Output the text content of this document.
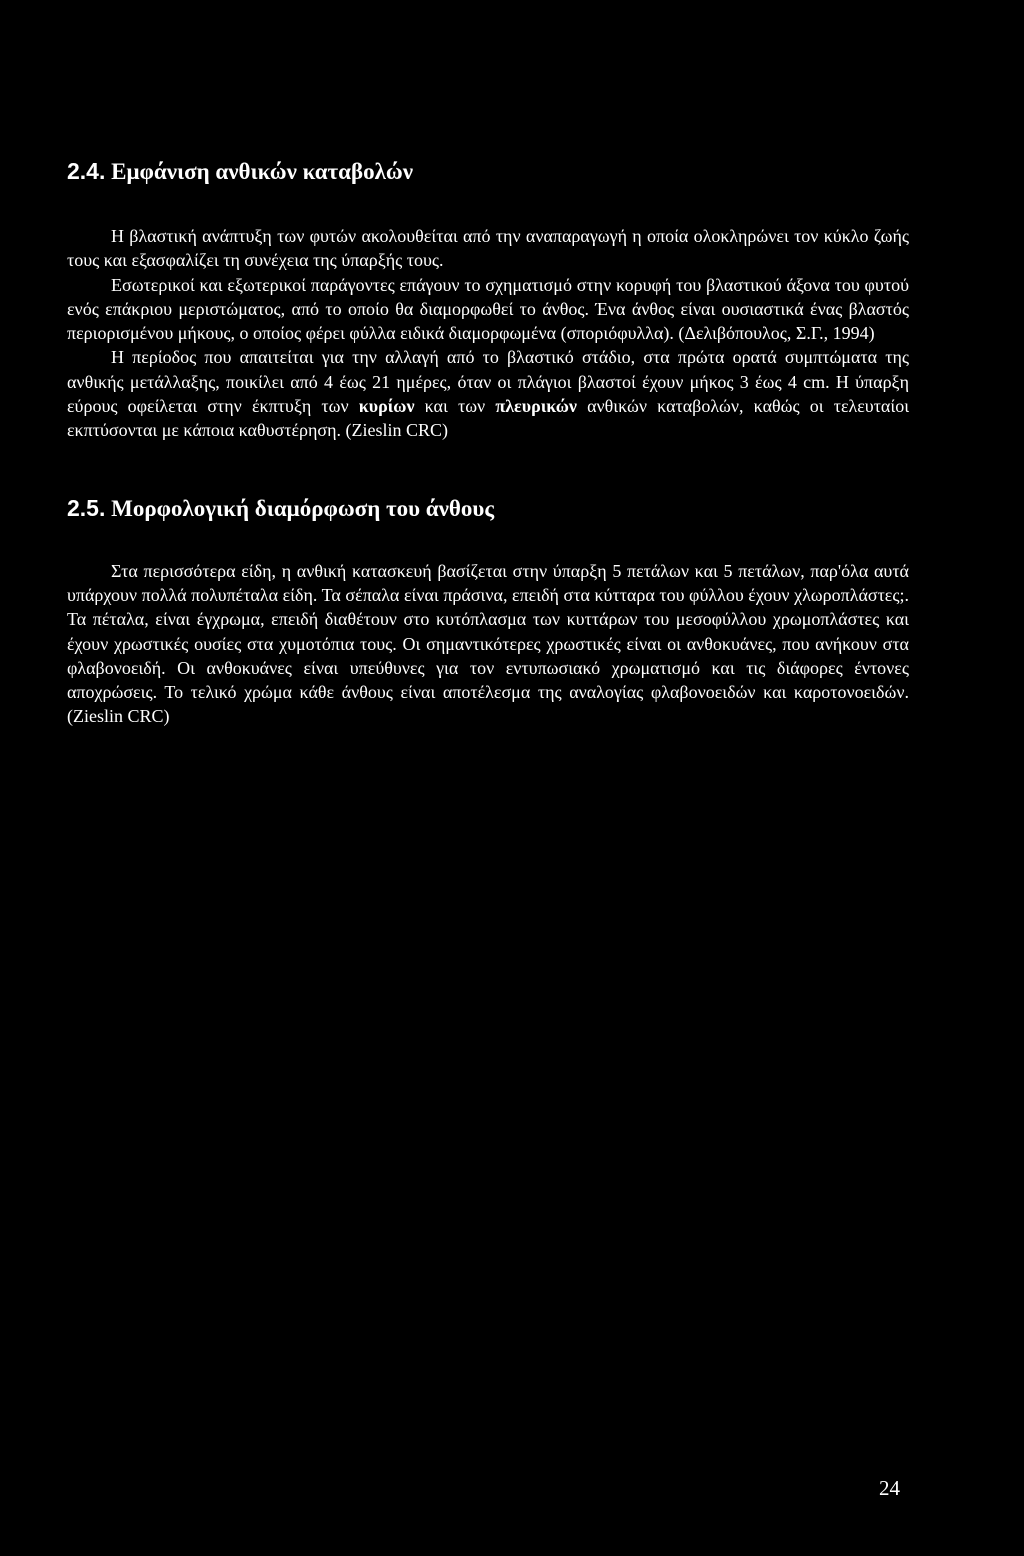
2.4. Εμφάνιση ανθικών καταβολών

Η βλαστική ανάπτυξη των φυτών ακολουθείται από την αναπαραγωγή η οποία ολοκληρώνει τον κύκλο ζωής τους και εξασφαλίζει τη συνέχεια της ύπαρξής τους.

Εσωτερικοί και εξωτερικοί παράγοντες επάγουν το σχηματισμό στην κορυφή του βλαστικού άξονα του φυτού ενός επάκριου μεριστώματος, από το οποίο θα διαμορφωθεί το άνθος. Ένα άνθος είναι ουσιαστικά ένας βλαστός περιορισμένου μήκους, ο οποίος φέρει φύλλα ειδικά διαμορφωμένα (σποριόφυλλα). (Δελιβόπουλος, Σ.Γ., 1994)

Η περίοδος που απαιτείται για την αλλαγή από το βλαστικό στάδιο, στα πρώτα ορατά συμπτώματα της ανθικής μετάλλαξης, ποικίλει από 4 έως 21 ημέρες, όταν οι πλάγιοι βλαστοί έχουν μήκος 3 έως 4 cm. Η ύπαρξη εύρους οφείλεται στην έκπτυξη των κυρίων και των πλευρικών ανθικών καταβολών, καθώς οι τελευταίοι εκπτύσονται με κάποια καθυστέρηση. (Zieslin CRC)

2.5. Μορφολογική διαμόρφωση του άνθους

Στα περισσότερα είδη, η ανθική κατασκευή βασίζεται στην ύπαρξη 5 πετάλων και 5 πετάλων, παρ'όλα αυτά υπάρχουν πολλά πολυπέταλα είδη. Τα σέπαλα είναι πράσινα, επειδή στα κύτταρα του φύλλου έχουν χλωροπλάστες;. Τα πέταλα, είναι έγχρωμα, επειδή διαθέτουν στο κυτόπλασμα των κυττάρων του μεσοφύλλου χρωμοπλάστες και έχουν χρωστικές ουσίες στα χυμοτόπια τους. Οι σημαντικότερες χρωστικές είναι οι ανθοκυάνες, που ανήκουν στα φλαβονοειδή. Οι ανθοκυάνες είναι υπεύθυνες για τον εντυπωσιακό χρωματισμό και τις διάφορες έντονες αποχρώσεις. Το τελικό χρώμα κάθε άνθους είναι αποτέλεσμα της αναλογίας φλαβονοειδών και καροτονοειδών. (Zieslin CRC)

24
